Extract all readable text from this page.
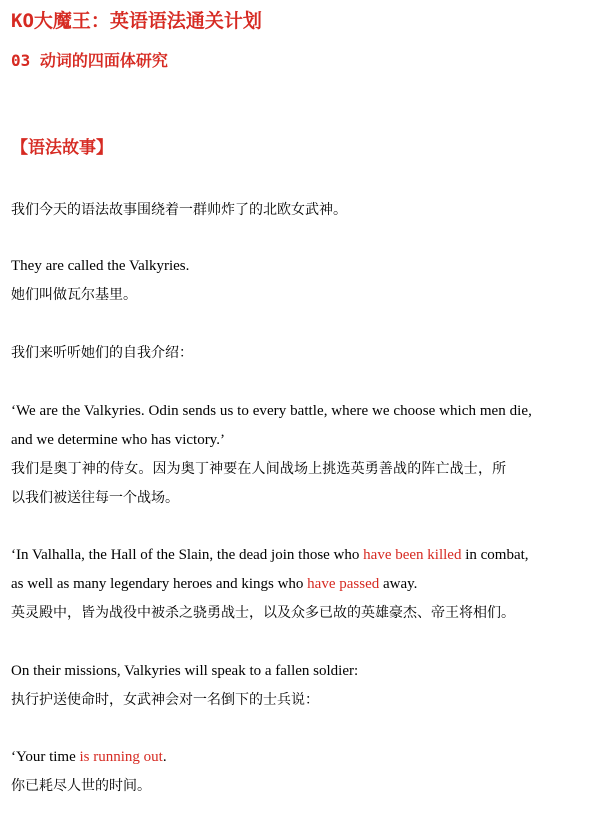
KO大魔王：英语语法通关计划
03 动词的四面体研究
【语法故事】
我们今天的语法故事围绕着一群帅炸了的北欧女武神。
They are called the Valkyries.
她们叫做瓦尔基里。
我们来听听她们的自我介绍：
‘We are the Valkyries. Odin sends us to every battle, where we choose which men die,
and we determine who has victory.’
我们是奥丁神的侍女。因为奥丁神要在人间战场上挑选英勇善战的阵亡战士，所
以我们被送往每一个战场。
‘In Valhalla, the Hall of the Slain, the dead join those who have been killed in combat,
as well as many legendary heroes and kings who have passed away.
英灵殿中，皆为战役中被杀之骁勇战士，以及众多已故的英雄豪杰、帝王将相们。
On their missions, Valkyries will speak to a fallen soldier:
执行护送使命时，女武神会对一名倒下的士兵说：
‘Your time is running out.
你已耗尽人世的时间。
